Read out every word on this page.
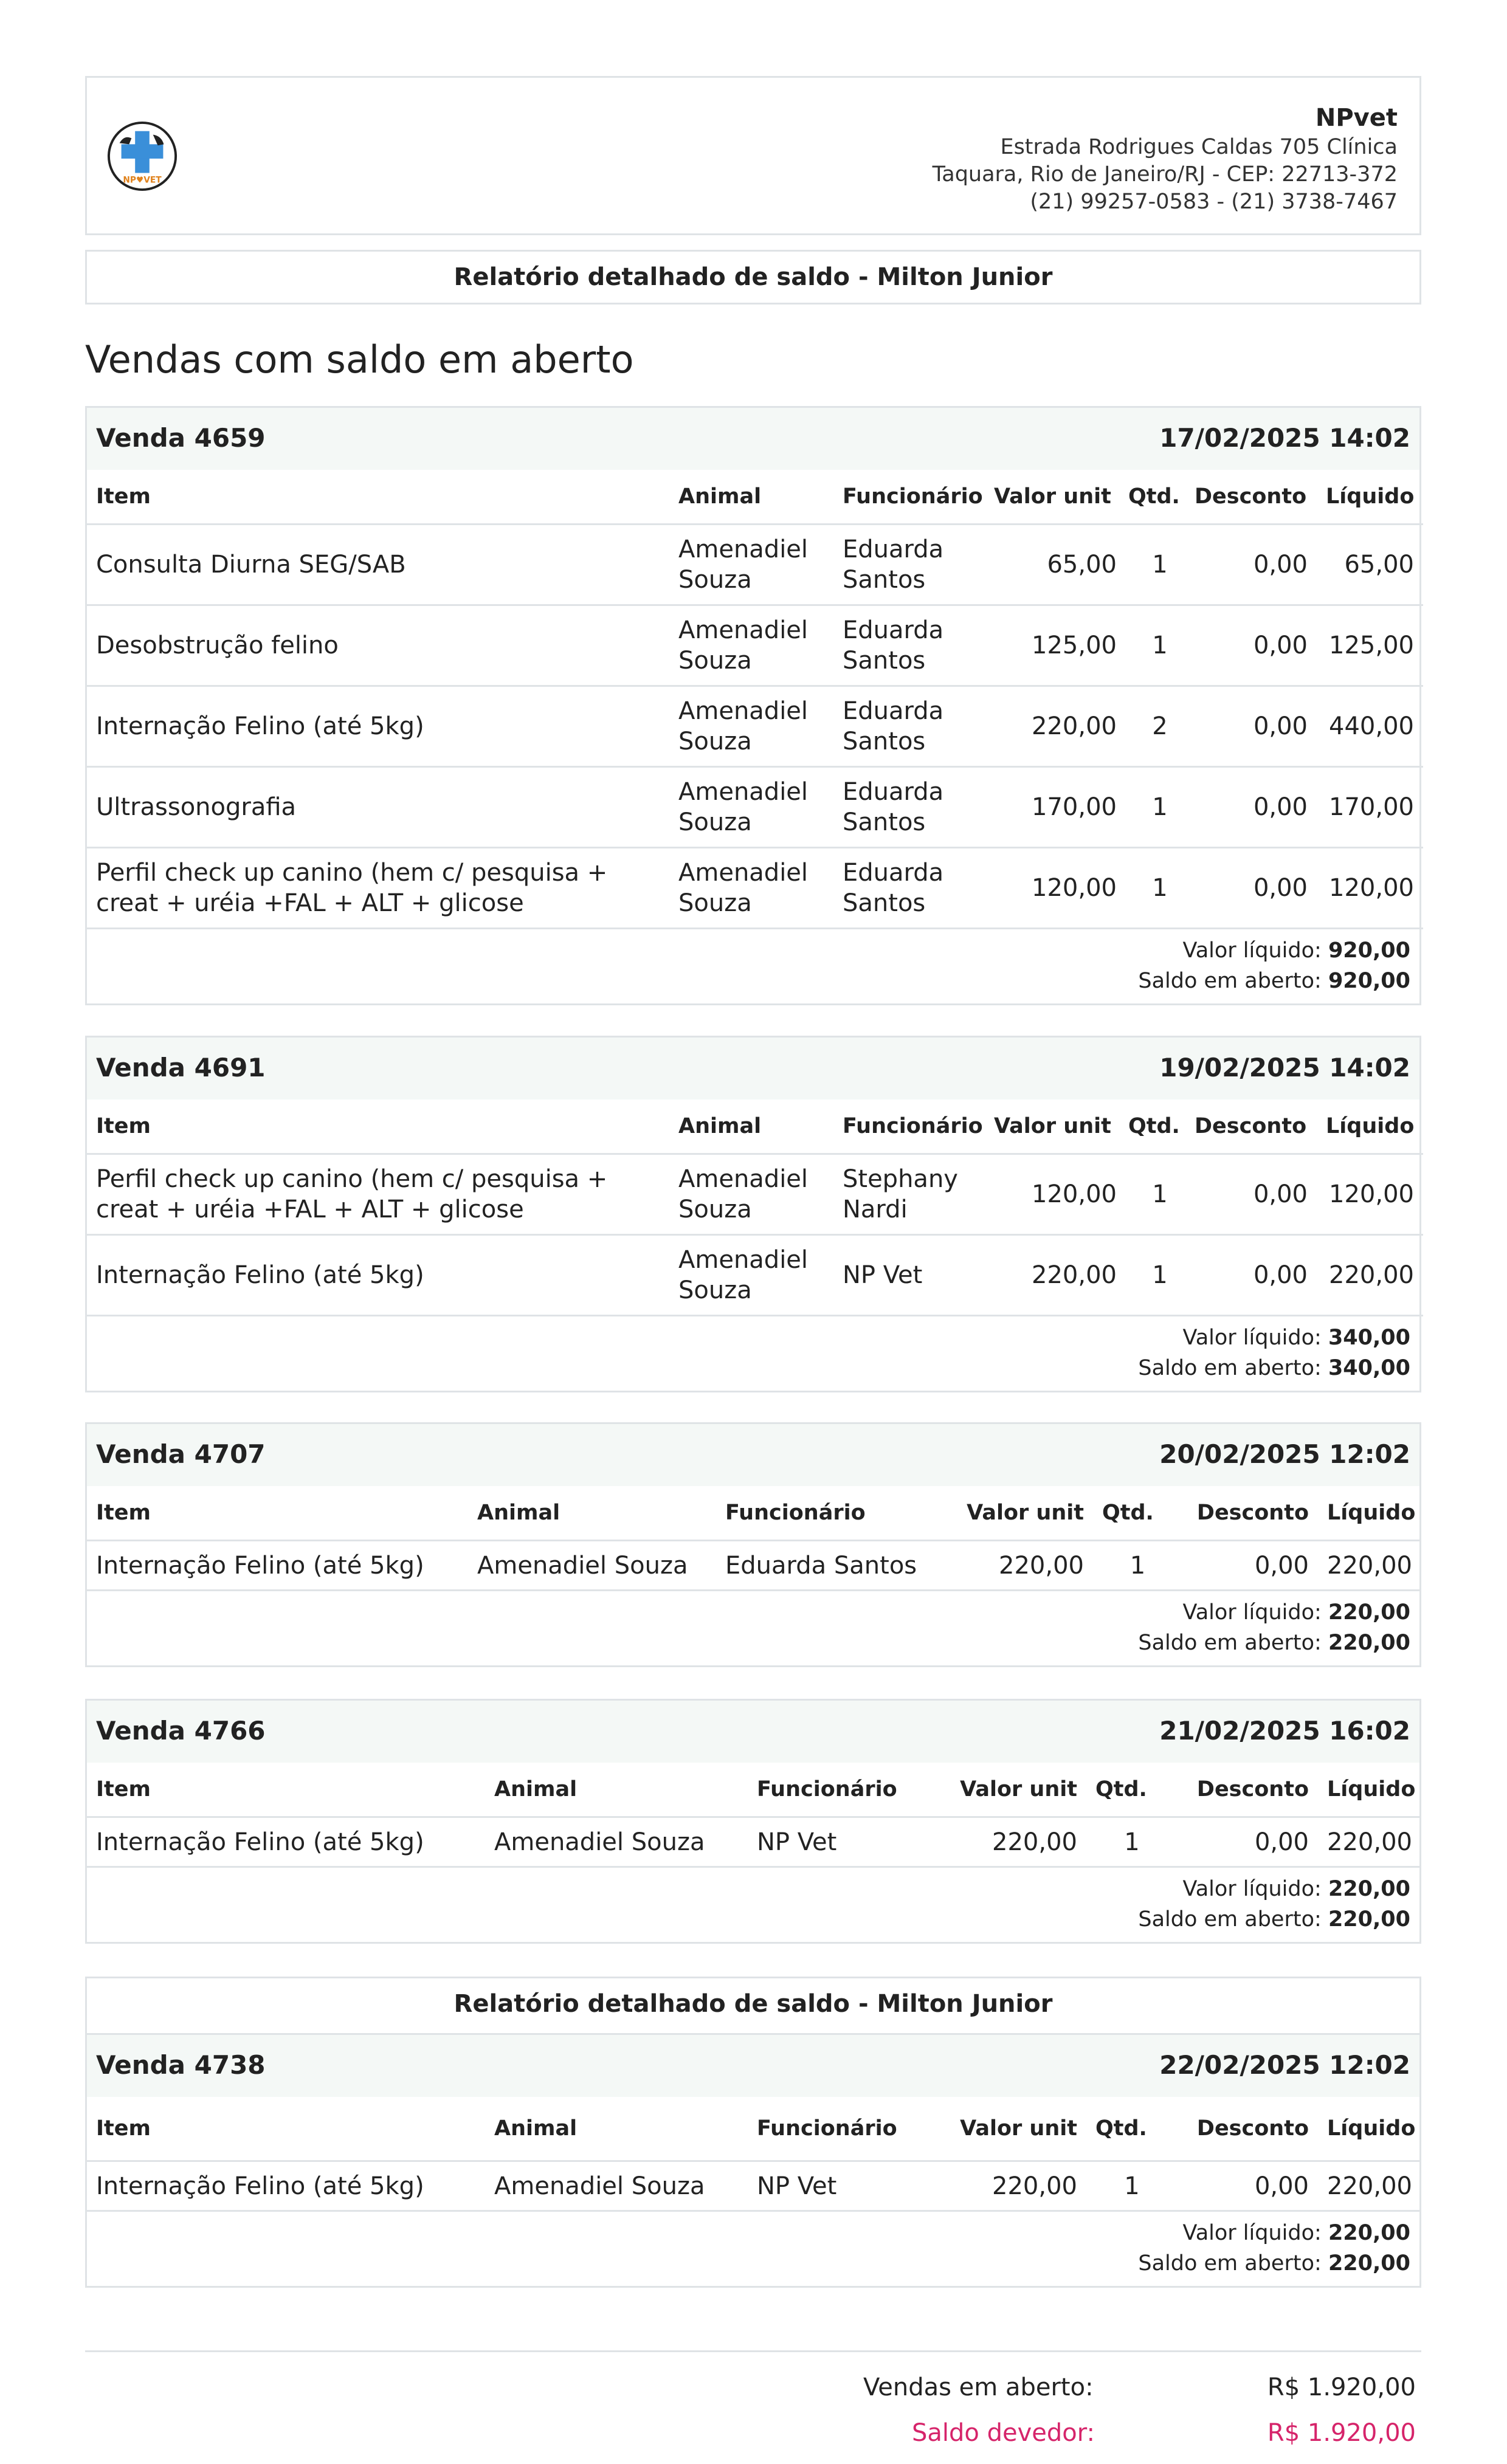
NP♥VET
NPvet
Estrada Rodrigues Caldas 705 Clínica
Taquara, Rio de Janeiro/RJ - CEP: 22713-372
(21) 99257-0583 - (21) 3738-7467
Relatório detalhado de saldo - Milton Junior
Vendas com saldo em aberto
Venda 4659	17/02/2025 14:02
Item	Animal	Funcionário	Valor unit	Qtd.	Desconto	Líquido
Consulta Diurna SEG/SAB	Amenadiel Souza	Eduarda Santos	65,00	1	0,00	65,00
Desobstrução felino	Amenadiel Souza	Eduarda Santos	125,00	1	0,00	125,00
Internação Felino (até 5kg)	Amenadiel Souza	Eduarda Santos	220,00	2	0,00	440,00
Ultrassonografia	Amenadiel Souza	Eduarda Santos	170,00	1	0,00	170,00
Perfil check up canino (hem c/ pesquisa + creat + uréia +FAL + ALT + glicose	Amenadiel Souza	Eduarda Santos	120,00	1	0,00	120,00
Valor líquido: 920,00
Saldo em aberto: 920,00
Venda 4691	19/02/2025 14:02
Item	Animal	Funcionário	Valor unit	Qtd.	Desconto	Líquido
Perfil check up canino (hem c/ pesquisa + creat + uréia +FAL + ALT + glicose	Amenadiel Souza	Stephany Nardi	120,00	1	0,00	120,00
Internação Felino (até 5kg)	Amenadiel Souza	NP Vet	220,00	1	0,00	220,00
Valor líquido: 340,00
Saldo em aberto: 340,00
Venda 4707	20/02/2025 12:02
Item	Animal	Funcionário	Valor unit	Qtd.	Desconto	Líquido
Internação Felino (até 5kg)	Amenadiel Souza	Eduarda Santos	220,00	1	0,00	220,00
Valor líquido: 220,00
Saldo em aberto: 220,00
Venda 4766	21/02/2025 16:02
Item	Animal	Funcionário	Valor unit	Qtd.	Desconto	Líquido
Internação Felino (até 5kg)	Amenadiel Souza	NP Vet	220,00	1	0,00	220,00
Valor líquido: 220,00
Saldo em aberto: 220,00
Relatório detalhado de saldo - Milton Junior
Venda 4738	22/02/2025 12:02
Item	Animal	Funcionário	Valor unit	Qtd.	Desconto	Líquido
Internação Felino (até 5kg)	Amenadiel Souza	NP Vet	220,00	1	0,00	220,00
Valor líquido: 220,00
Saldo em aberto: 220,00
Vendas em aberto:	R$ 1.920,00
Saldo devedor:	R$ 1.920,00
